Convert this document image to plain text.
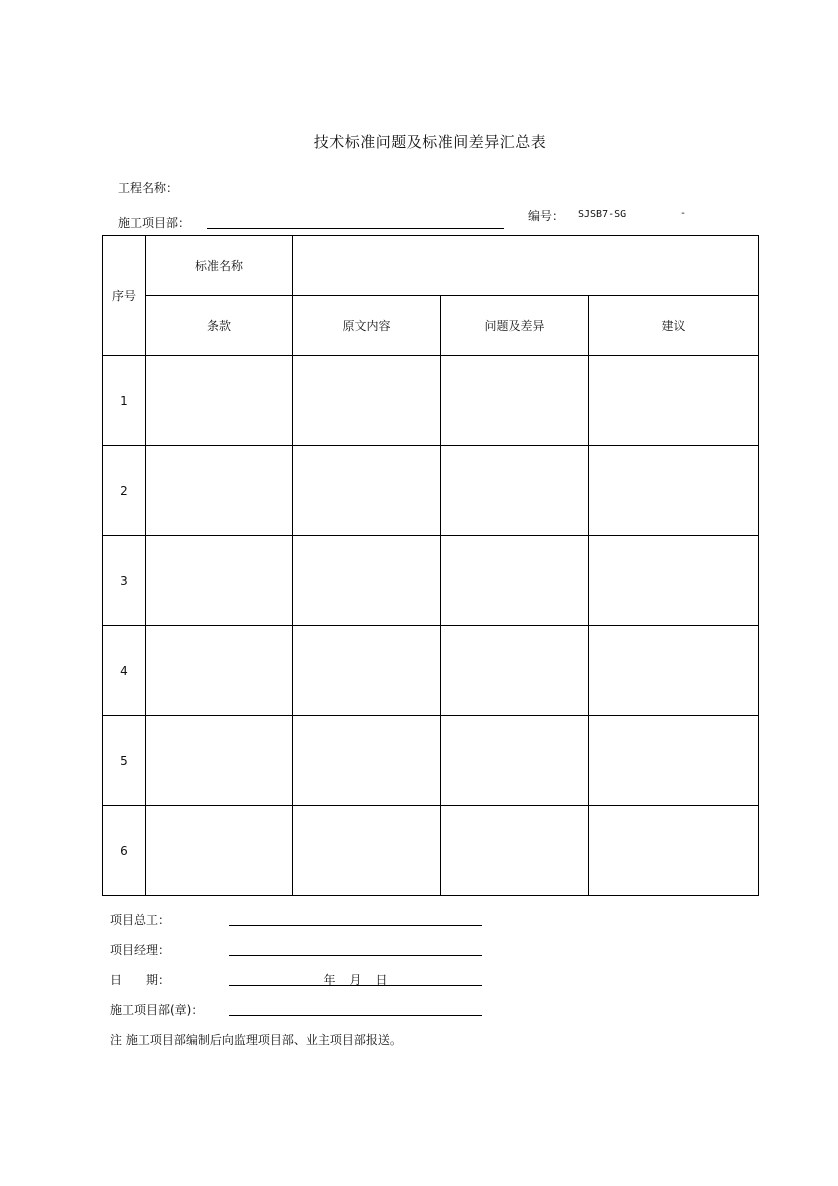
技术标准问题及标准间差异汇总表
工程名称：
施工项目部：	编号： SJSB7-SG	-
序号	标准名称			
	条款	原文内容	问题及差异	建议
1				
2				
3				
4				
5				
6				
项目总工：
项目经理：
日　　期：	年 月 日
施工项目部(章)：
注 施工项目部编制后向监理项目部、业主项目部报送。
